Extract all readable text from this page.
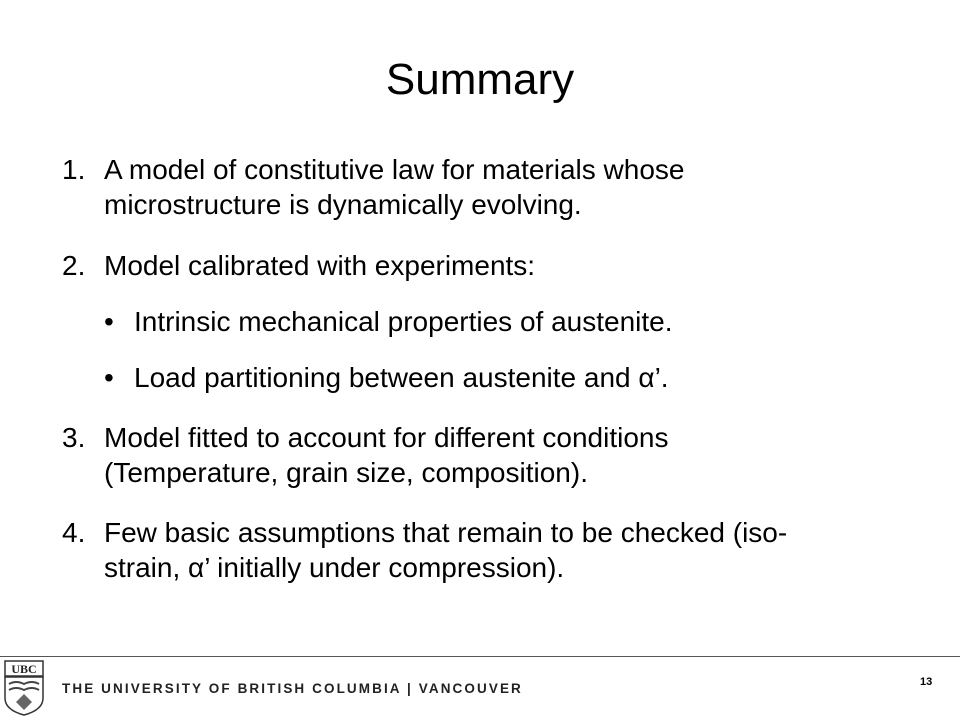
Summary
1. A model of constitutive law for materials whose
microstructure is dynamically evolving.
2. Model calibrated with experiments:
• Intrinsic mechanical properties of austenite.
• Load partitioning between austenite and α’.
3. Model fitted to account for different conditions
(Temperature, grain size, composition).
4. Few basic assumptions that remain to be checked (iso-
strain, α’ initially under compression).
UBC
THE UNIVERSITY OF BRITISH COLUMBIA | VANCOUVER	13
